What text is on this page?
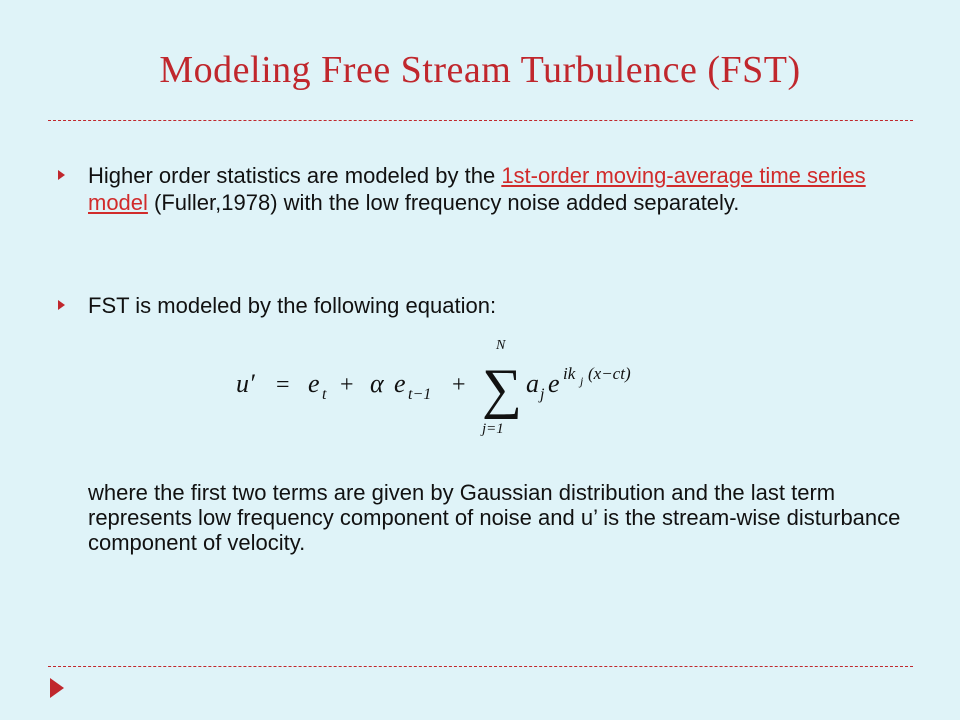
Modeling Free Stream Turbulence (FST)
Higher order statistics are modeled by the 1st-order moving-average time series model (Fuller,1978) with the low frequency noise added separately.
FST is modeled by the following equation:
u′ = e t + α e t−1 + ∑
N
j=1
a j e ik j (x−ct)
where the first two terms are given by Gaussian distribution and the last term represents low frequency component of noise and u’ is the stream-wise disturbance component of velocity.
